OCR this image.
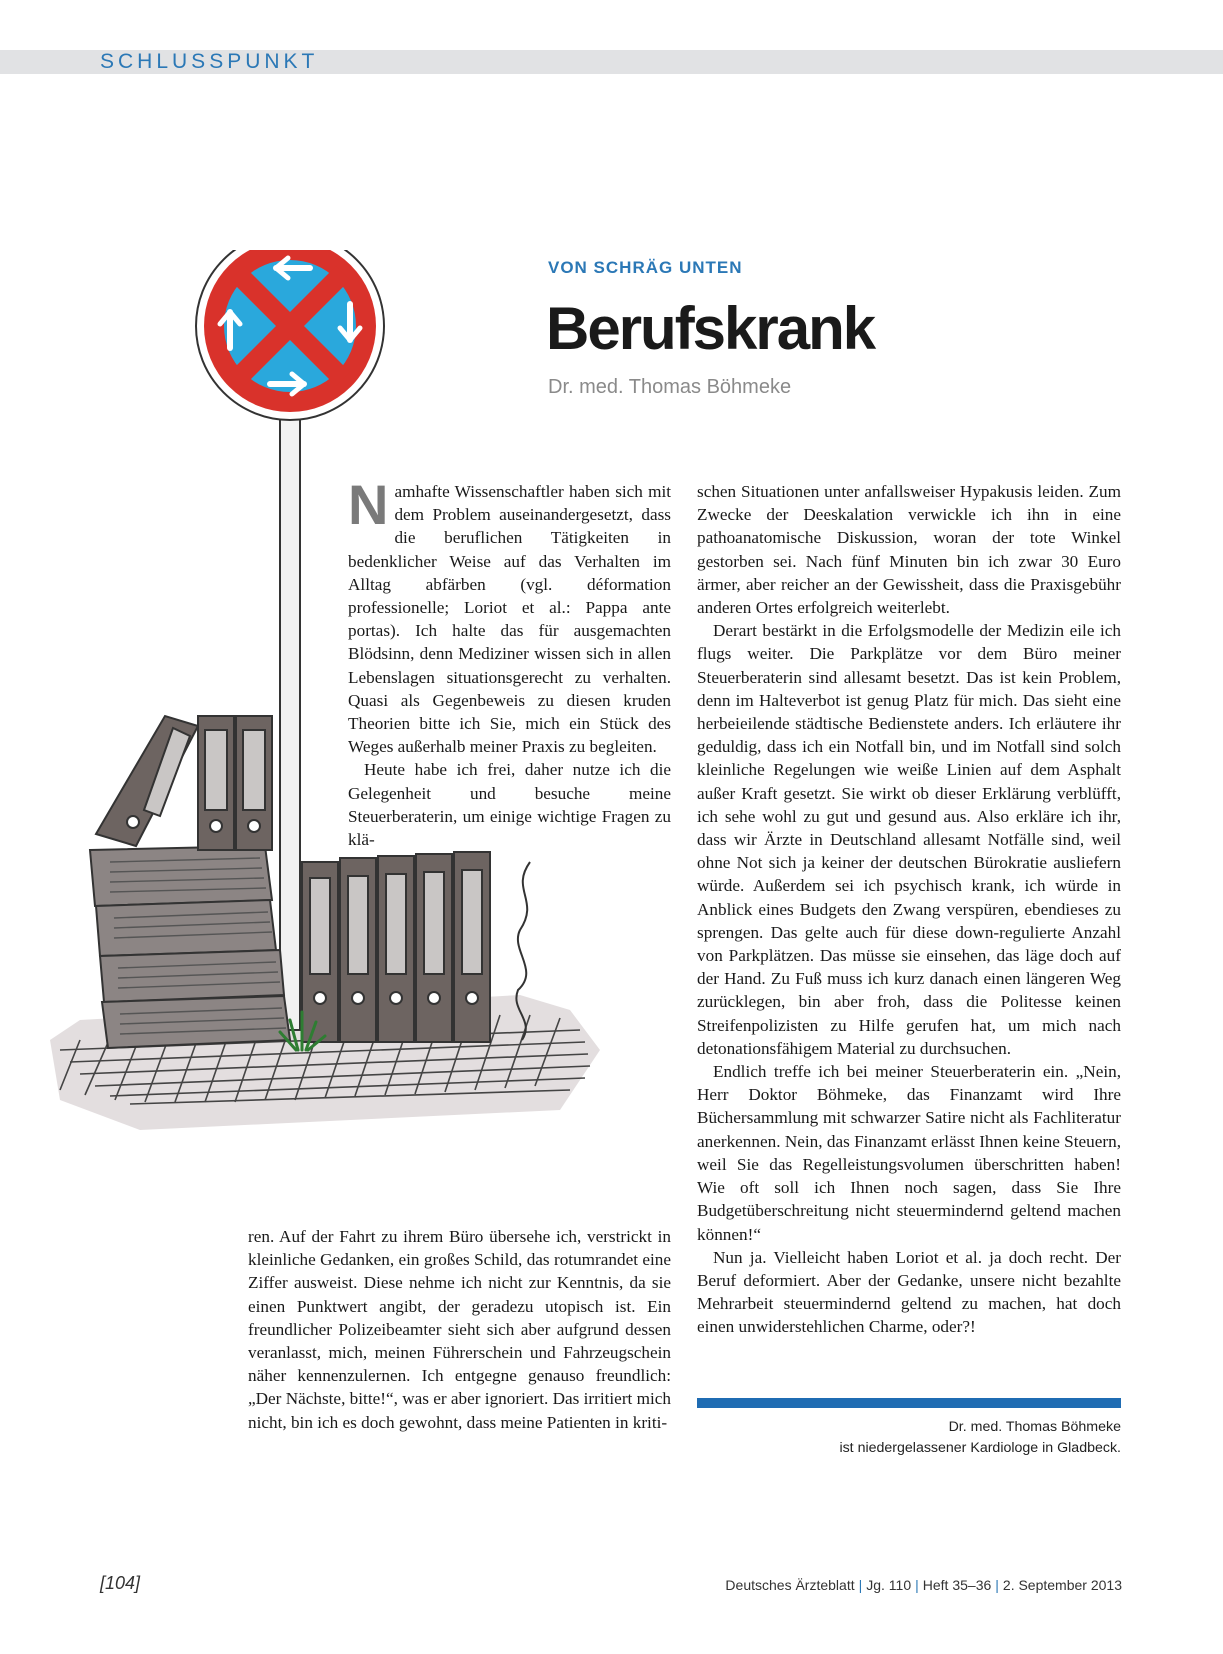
SCHLUSSPUNKT
VON SCHRÄG UNTEN
Berufskrank
Dr. med. Thomas Böhmeke

Namhafte Wissenschaftler haben sich mit dem Problem auseinandergesetzt, dass die beruflichen Tätigkeiten in bedenklicher Weise auf das Verhalten im Alltag abfärben (vgl. déformation professionelle; Loriot et al.: Pappa ante portas). Ich halte das für ausgemachten Blödsinn, denn Mediziner wissen sich in allen Lebenslagen situationsgerecht zu verhalten. Quasi als Gegenbeweis zu diesen kruden Theorien bitte ich Sie, mich ein Stück des Weges außerhalb meiner Praxis zu begleiten.

Heute habe ich frei, daher nutze ich die Gelegenheit und besuche meine Steuerberaterin, um einige wichtige Fragen zu klä-

ren. Auf der Fahrt zu ihrem Büro übersehe ich, verstrickt in kleinliche Gedanken, ein großes Schild, das rotumrandet eine Ziffer ausweist. Diese nehme ich nicht zur Kenntnis, da sie einen Punktwert angibt, der geradezu utopisch ist. Ein freundlicher Polizeibeamter sieht sich aber aufgrund dessen veranlasst, mich, meinen Führerschein und Fahrzeugschein näher kennenzulernen. Ich entgegne genauso freundlich: „Der Nächste, bitte!“, was er aber ignoriert. Das irritiert mich nicht, bin ich es doch gewohnt, dass meine Patienten in kriti-

schen Situationen unter anfallsweiser Hypakusis leiden. Zum Zwecke der Deeskalation verwickle ich ihn in eine pathoanatomische Diskussion, woran der tote Winkel gestorben sei. Nach fünf Minuten bin ich zwar 30 Euro ärmer, aber reicher an der Gewissheit, dass die Praxisgebühr anderen Ortes erfolgreich weiterlebt.

Derart bestärkt in die Erfolgsmodelle der Medizin eile ich flugs weiter. Die Parkplätze vor dem Büro meiner Steuerberaterin sind allesamt besetzt. Das ist kein Problem, denn im Halteverbot ist genug Platz für mich. Das sieht eine herbeieilende städtische Bedienstete anders. Ich erläutere ihr geduldig, dass ich ein Notfall bin, und im Notfall sind solch kleinliche Regelungen wie weiße Linien auf dem Asphalt außer Kraft gesetzt. Sie wirkt ob dieser Erklärung verblüfft, ich sehe wohl zu gut und gesund aus. Also erkläre ich ihr, dass wir Ärzte in Deutschland allesamt Notfälle sind, weil ohne Not sich ja keiner der deutschen Bürokratie ausliefern würde. Außerdem sei ich psychisch krank, ich würde in Anblick eines Budgets den Zwang verspüren, ebendieses zu sprengen. Das gelte auch für diese down-regulierte Anzahl von Parkplätzen. Das müsse sie einsehen, das läge doch auf der Hand. Zu Fuß muss ich kurz danach einen längeren Weg zurücklegen, bin aber froh, dass die Politesse keinen Streifenpolizisten zu Hilfe gerufen hat, um mich nach detonationsfähigem Material zu durchsuchen.

Endlich treffe ich bei meiner Steuerberaterin ein. „Nein, Herr Doktor Böhmeke, das Finanzamt wird Ihre Büchersammlung mit schwarzer Satire nicht als Fachliteratur anerkennen. Nein, das Finanzamt erlässt Ihnen keine Steuern, weil Sie das Regelleistungsvolumen überschritten haben! Wie oft soll ich Ihnen noch sagen, dass Sie Ihre Budgetüberschreitung nicht steuermindernd geltend machen können!“

Nun ja. Vielleicht haben Loriot et al. ja doch recht. Der Beruf deformiert. Aber der Gedanke, unsere nicht bezahlte Mehrarbeit steuermindernd geltend zu machen, hat doch einen unwiderstehlichen Charme, oder?!

Dr. med. Thomas Böhmeke
ist niedergelassener Kardiologe in Gladbeck.
[104]	Deutsches Ärzteblatt | Jg. 110 | Heft 35–36 | 2. September 2013
